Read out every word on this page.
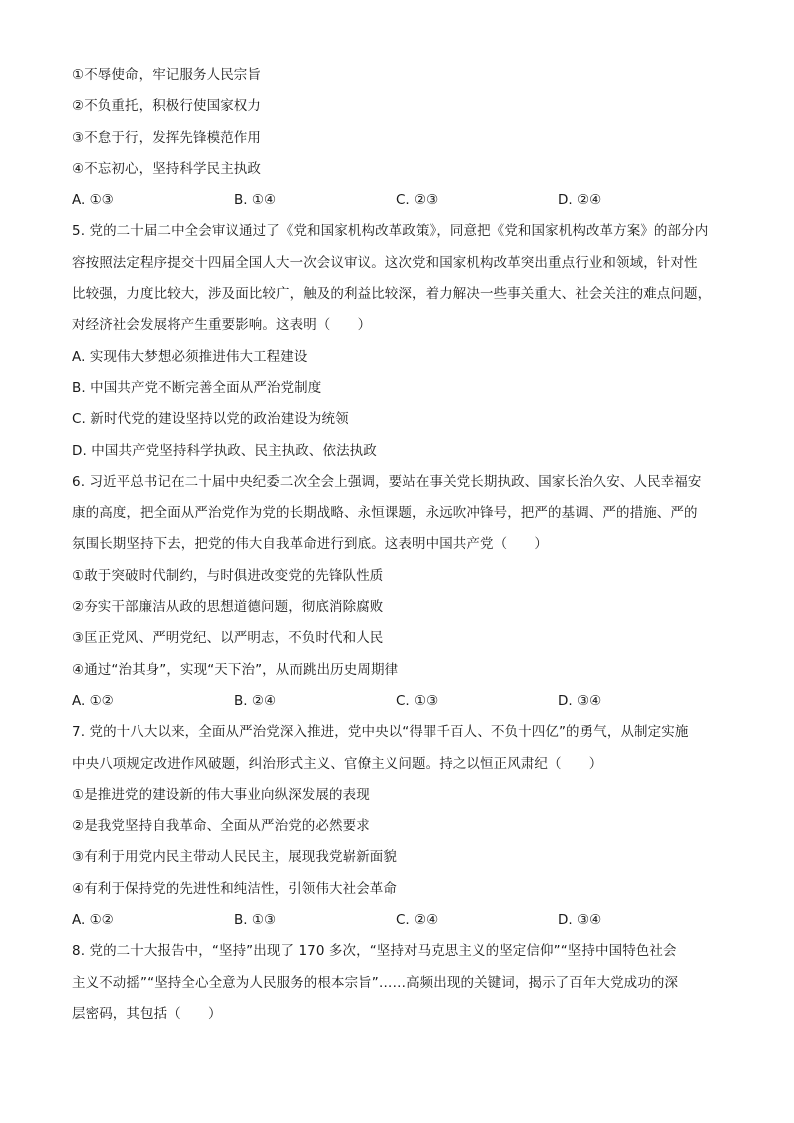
①不辱使命，牢记服务人民宗旨
②不负重托，积极行使国家权力
③不怠于行，发挥先锋模范作用
④不忘初心，坚持科学民主执政
A. ①③	B. ①④	C. ②③	D. ②④
5. 党的二十届二中全会审议通过了《党和国家机构改革政策》，同意把《党和国家机构改革方案》的部分内
容按照法定程序提交十四届全国人大一次会议审议。这次党和国家机构改革突出重点行业和领域，针对性
比较强，力度比较大，涉及面比较广，触及的利益比较深，着力解决一些事关重大、社会关注的难点问题，
对经济社会发展将产生重要影响。这表明（　　）
A. 实现伟大梦想必须推进伟大工程建设
B. 中国共产党不断完善全面从严治党制度
C. 新时代党的建设坚持以党的政治建设为统领
D. 中国共产党坚持科学执政、民主执政、依法执政
6. 习近平总书记在二十届中央纪委二次全会上强调，要站在事关党长期执政、国家长治久安、人民幸福安
康的高度，把全面从严治党作为党的长期战略、永恒课题，永远吹冲锋号，把严的基调、严的措施、严的
氛围长期坚持下去，把党的伟大自我革命进行到底。这表明中国共产党（　　）
①敢于突破时代制约，与时俱进改变党的先锋队性质
②夯实干部廉洁从政的思想道德问题，彻底消除腐败
③匡正党风、严明党纪、以严明志，不负时代和人民
④通过“治其身”，实现“天下治”，从而跳出历史周期律
A. ①②	B. ②④	C. ①③	D. ③④
7. 党的十八大以来，全面从严治党深入推进，党中央以“得罪千百人、不负十四亿”的勇气，从制定实施
中央八项规定改进作风破题，纠治形式主义、官僚主义问题。持之以恒正风肃纪（　　）
①是推进党的建设新的伟大事业向纵深发展的表现
②是我党坚持自我革命、全面从严治党的必然要求
③有利于用党内民主带动人民民主，展现我党崭新面貌
④有利于保持党的先进性和纯洁性，引领伟大社会革命
A. ①②	B. ①③	C. ②④	D. ③④
8. 党的二十大报告中，“坚持”出现了 170 多次，“坚持对马克思主义的坚定信仰”“坚持中国特色社会
主义不动摇”“坚持全心全意为人民服务的根本宗旨”……高频出现的关键词，揭示了百年大党成功的深
层密码，其包括（　　）
